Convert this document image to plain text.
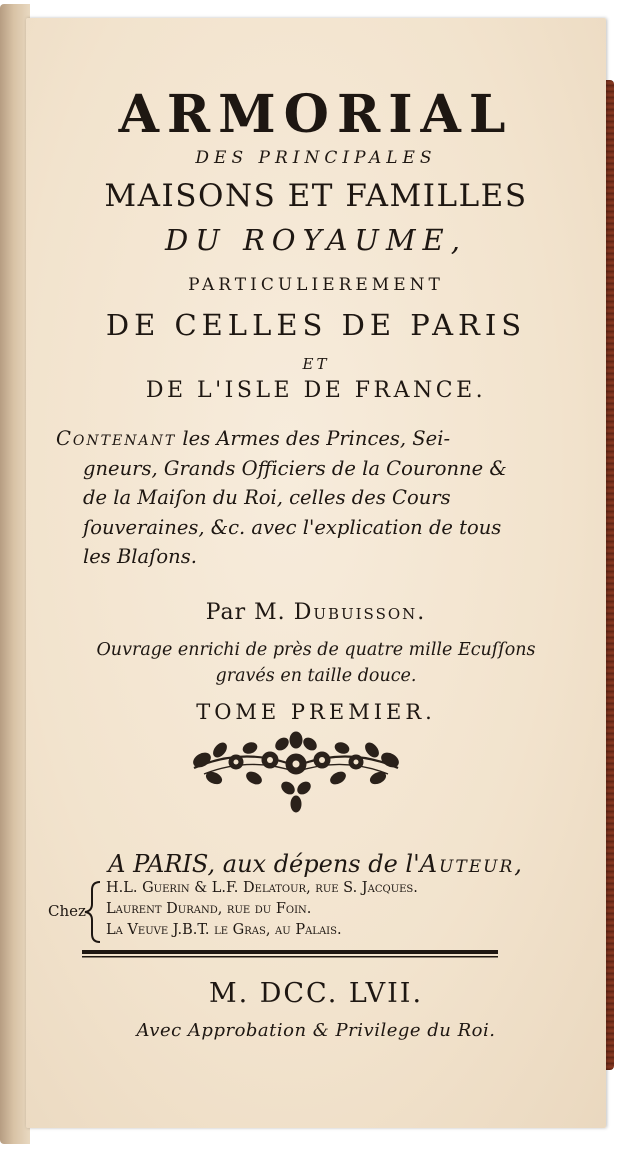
ARMORIAL
DES PRINCIPALES
MAISONS ET FAMILLES
DU ROYAUME,
PARTICULIEREMENT
DE CELLES DE PARIS
ET
DE L'ISLE DE FRANCE.
Contenant les Armes des Princes, Sei-
gneurs, Grands Officiers de la Couronne &
de la Maiſon du Roi, celles des Cours
ſouveraines, &c. avec l'explication de tous
les Blaſons.
Par M. Dubuisson.
Ouvrage enrichi de près de quatre mille Ecuſſons
gravés en taille douce.
TOME PREMIER.
A PARIS, aux dépens de l'Auteur,
Chez
H.L. Guerin & L.F. Delatour, rue S. Jacques.
Laurent Durand, rue du Foin.
La Veuve J.B.T. le Gras, au Palais.
M. DCC. LVII.
Avec Approbation & Privilege du Roi.
